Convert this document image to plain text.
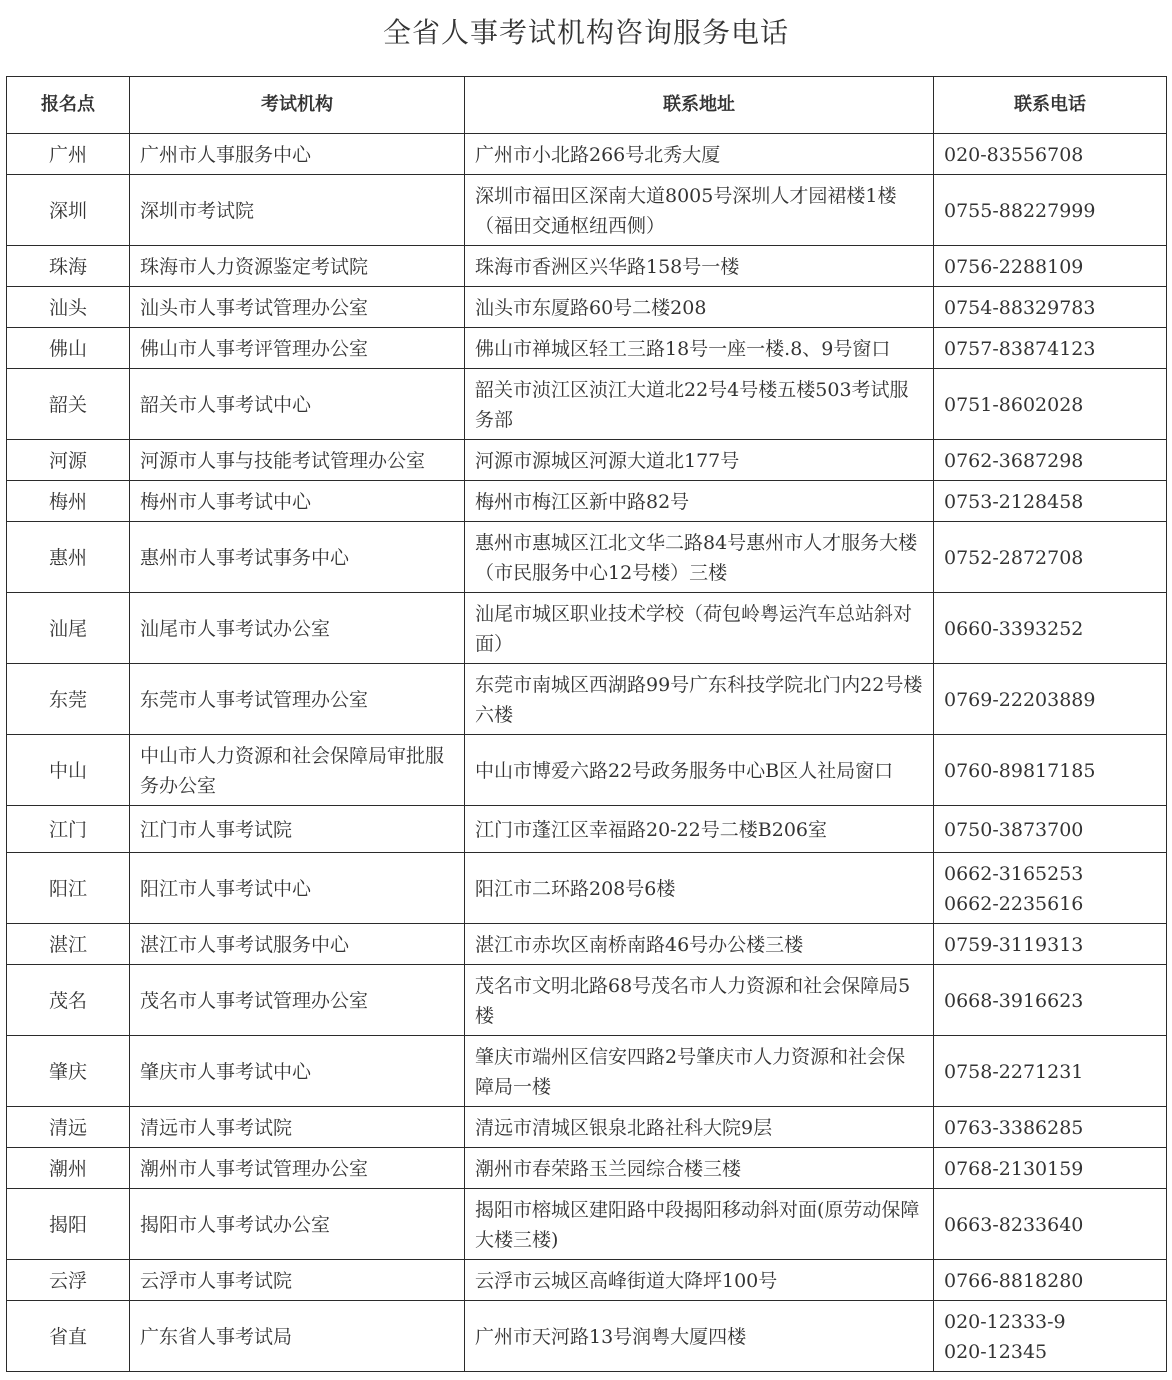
全省人事考试机构咨询服务电话
报名点	考试机构	联系地址	联系电话
广州	广州市人事服务中心	广州市小北路266号北秀大厦	020-83556708

深圳	深圳市考试院	深圳市福田区深南大道8005号深圳人才园裙楼1楼（福田交通枢纽西侧）	0755-88227999

珠海	珠海市人力资源鉴定考试院	珠海市香洲区兴华路158号一楼	0756-2288109

汕头	汕头市人事考试管理办公室	汕头市东厦路60号二楼208	0754-88329783

佛山	佛山市人事考评管理办公室	佛山市禅城区轻工三路18号一座一楼.8、9号窗口	0757-83874123

韶关	韶关市人事考试中心	韶关市浈江区浈江大道北22号4号楼五楼503考试服务部	0751-8602028

河源	河源市人事与技能考试管理办公室	河源市源城区河源大道北177号	0762-3687298

梅州	梅州市人事考试中心	梅州市梅江区新中路82号	0753-2128458

惠州	惠州市人事考试事务中心	惠州市惠城区江北文华二路84号惠州市人才服务大楼（市民服务中心12号楼）三楼	0752-2872708

汕尾	汕尾市人事考试办公室	汕尾市城区职业技术学校（荷包岭粤运汽车总站斜对面）	0660-3393252

东莞	东莞市人事考试管理办公室	东莞市南城区西湖路99号广东科技学院北门内22号楼六楼	0769-22203889

中山	中山市人力资源和社会保障局审批服务办公室	中山市博爱六路22号政务服务中心B区人社局窗口	0760-89817185

江门	江门市人事考试院	江门市蓬江区幸福路20-22号二楼B206室	0750-3873700

阳江	阳江市人事考试中心	阳江市二环路208号6楼	0662-3165253
0662-2235616

湛江	湛江市人事考试服务中心	湛江市赤坎区南桥南路46号办公楼三楼	0759-3119313

茂名	茂名市人事考试管理办公室	茂名市文明北路68号茂名市人力资源和社会保障局5楼	0668-3916623

肇庆	肇庆市人事考试中心	肇庆市端州区信安四路2号肇庆市人力资源和社会保障局一楼	0758-2271231

清远	清远市人事考试院	清远市清城区银泉北路社科大院9层	0763-3386285

潮州	潮州市人事考试管理办公室	潮州市春荣路玉兰园综合楼三楼	0768-2130159

揭阳	揭阳市人事考试办公室	揭阳市榕城区建阳路中段揭阳移动斜对面(原劳动保障大楼三楼)	0663-8233640

云浮	云浮市人事考试院	云浮市云城区高峰街道大降坪100号	0766-8818280

省直	广东省人事考试局	广州市天河路13号润粤大厦四楼	020-12333-9
020-12345
